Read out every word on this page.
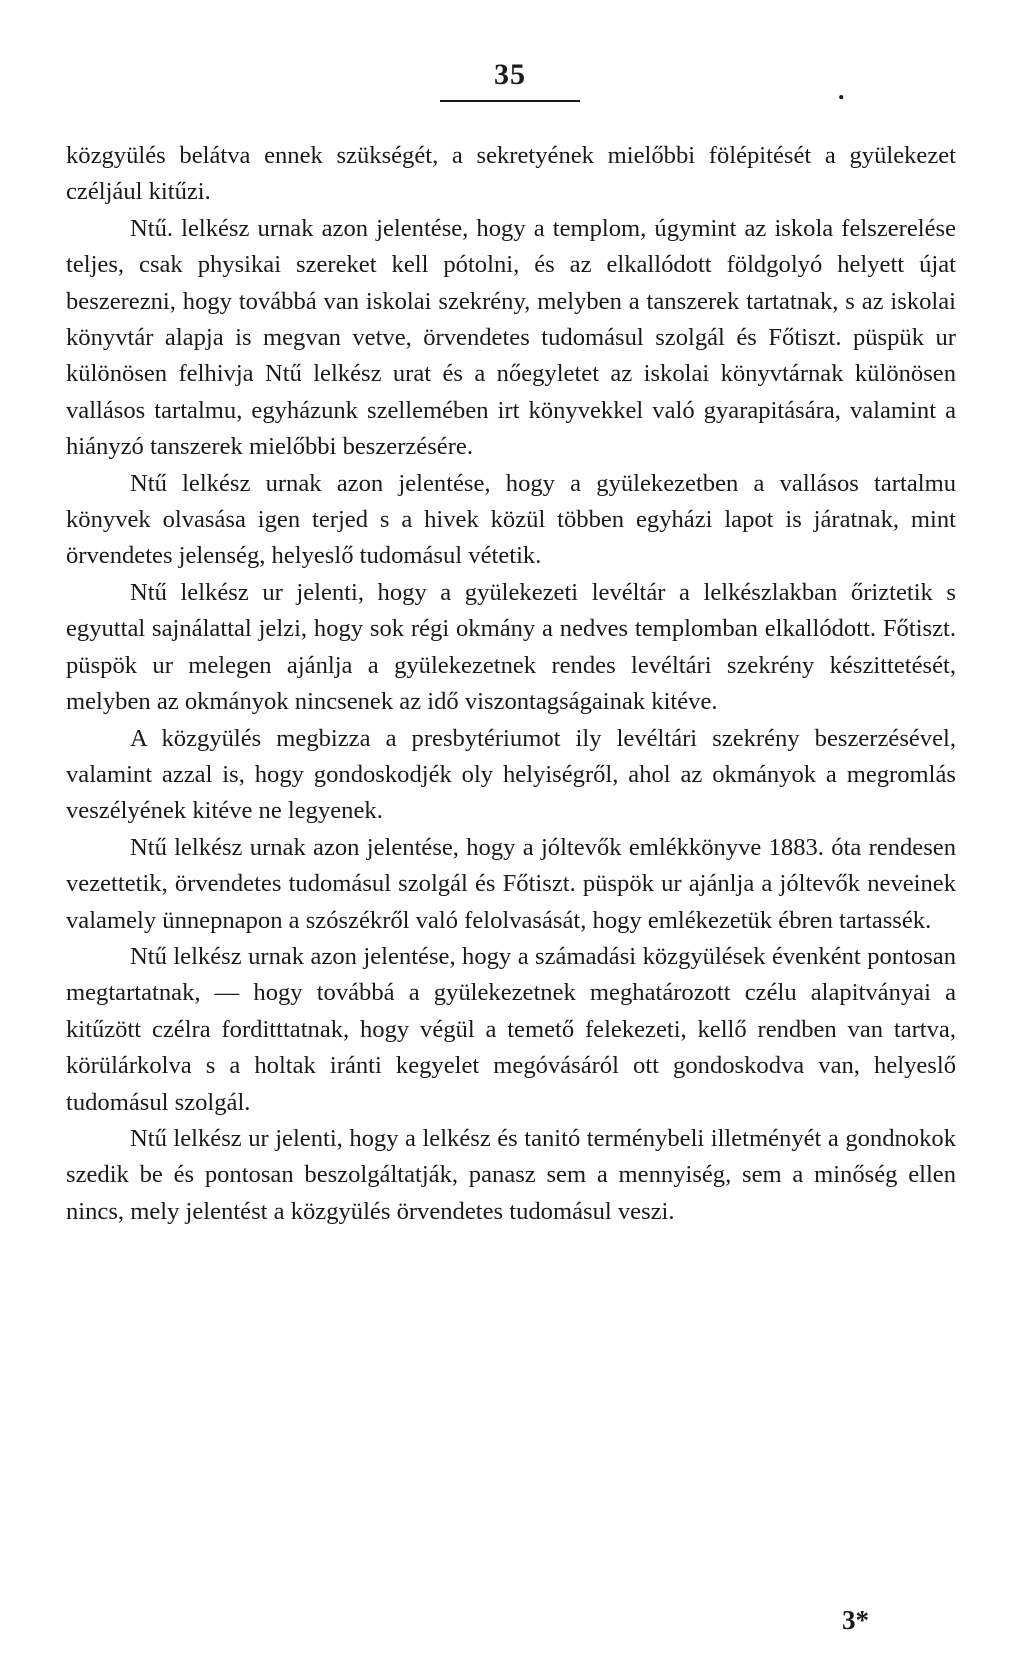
35	.

közgyülés belátva ennek szükségét, a sekretyének mielőbbi fölépitését a gyülekezet czéljául kitűzi.

Ntű. lelkész urnak azon jelentése, hogy a templom, úgymint az iskola felszerelése teljes, csak physikai szereket kell pótolni, és az elkallódott földgolyó helyett újat beszerezni, hogy továbbá van iskolai szekrény, melyben a tanszerek tartatnak, s az iskolai könyvtár alapja is megvan vetve, örvendetes tudomásul szolgál és Főtiszt. püspük ur különösen felhivja Ntű lelkész urat és a nőegyletet az iskolai könyvtárnak különösen vallásos tartalmu, egyházunk szellemében irt könyvekkel való gyarapitására, valamint a hiányzó tanszerek mielőbbi beszerzésére.

Ntű lelkész urnak azon jelentése, hogy a gyülekezetben a vallásos tartalmu könyvek olvasása igen terjed s a hivek közül többen egyházi lapot is járatnak, mint örvendetes jelenség, helyeslő tudomásul vétetik.

Ntű lelkész ur jelenti, hogy a gyülekezeti levéltár a lelkészlakban őriztetik s egyuttal sajnálattal jelzi, hogy sok régi okmány a nedves templomban elkallódott. Főtiszt. püspök ur melegen ajánlja a gyülekezetnek rendes levéltári szekrény készittetését, melyben az okmányok nincsenek az idő viszontagságainak kitéve.

A közgyülés megbizza a presbytériumot ily levéltári szekrény beszerzésével, valamint azzal is, hogy gondoskodjék oly helyiségről, ahol az okmányok a megromlás veszélyének kitéve ne legyenek.

Ntű lelkész urnak azon jelentése, hogy a jóltevők emlékkönyve 1883. óta rendesen vezettetik, örvendetes tudomásul szolgál és Főtiszt. püspök ur ajánlja a jóltevők neveinek valamely ünnepnapon a szószékről való felolvasását, hogy emlékezetük ébren tartassék.

Ntű lelkész urnak azon jelentése, hogy a számadási közgyülések évenként pontosan megtartatnak, — hogy továbbá a gyülekezetnek meghatározott czélu alapitványai a kitűzött czélra forditttatnak, hogy végül a temető felekezeti, kellő rendben van tartva, körülárkolva s a holtak iránti kegyelet megóvásáról ott gondoskodva van, helyeslő tudomásul szolgál.

Ntű lelkész ur jelenti, hogy a lelkész és tanitó terménybeli illetményét a gondnokok szedik be és pontosan beszolgáltatják, panasz sem a mennyiség, sem a minőség ellen nincs, mely jelentést a közgyülés örvendetes tudomásul veszi.

3*
